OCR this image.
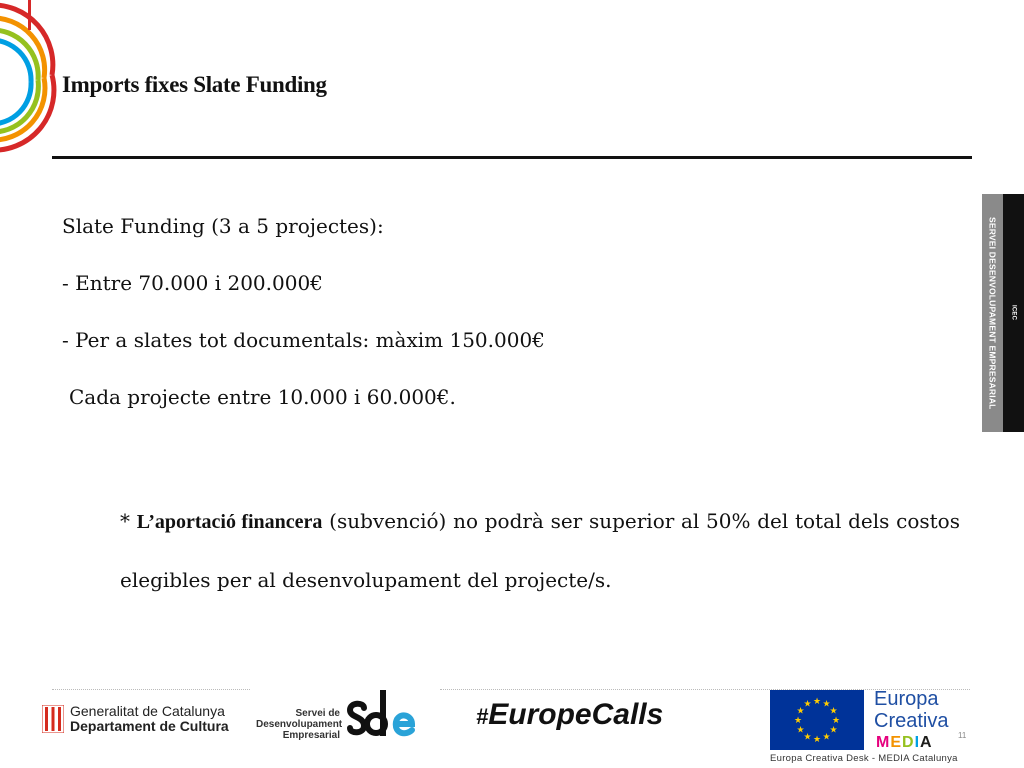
Imports fixes Slate Funding
SERVEI DESENVOLUPAMENT EMPRESARIAL ICEC
Slate Funding (3 a 5 projectes):
- Entre 70.000 i 200.000€
- Per a slates tot documentals: màxim 150.000€
Cada projecte entre 10.000 i 60.000€.
* L’aportació financera (subvenció) no podrà ser superior al 50% del total dels costos elegibles per al desenvolupament del projecte/s.
Generalitat de Catalunya
Departament de Cultura
Servei de
Desenvolupament
Empresarial
#EuropeCalls	★ ★
★
★
★
★
★
★
★
★
★
★	Europa
Creativa
MEDIA	11
Europa Creativa Desk - MEDIA Catalunya
